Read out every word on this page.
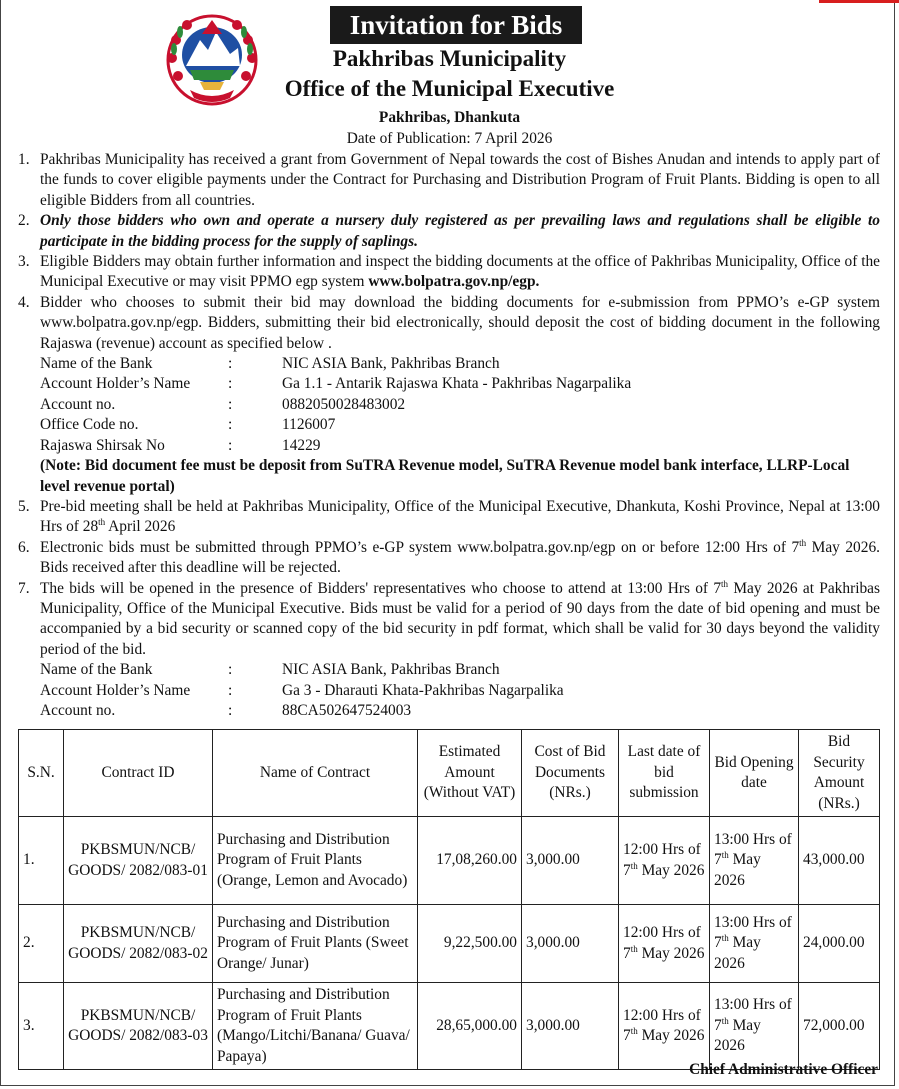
Invitation for Bids
Pakhribas Municipality
Office of the Municipal Executive
Pakhribas, Dhankuta
Date of Publication: 7 April 2026
1. Pakhribas Municipality has received a grant from Government of Nepal towards the cost of Bishes Anudan and intends to apply part of the funds to cover eligible payments under the Contract for Purchasing and Distribution Program of Fruit Plants. Bidding is open to all eligible Bidders from all countries.
2. Only those bidders who own and operate a nursery duly registered as per prevailing laws and regulations shall be eligible to participate in the bidding process for the supply of saplings.
3. Eligible Bidders may obtain further information and inspect the bidding documents at the office of Pakhribas Municipality, Office of the Municipal Executive or may visit PPMO egp system www.bolpatra.gov.np/egp.
4. Bidder who chooses to submit their bid may download the bidding documents for e-submission from PPMO’s e-GP system www.bolpatra.gov.np/egp. Bidders, submitting their bid electronically, should deposit the cost of bidding document in the following Rajaswa (revenue) account as specified below .
Name of the Bank	:	NIC ASIA Bank, Pakhribas Branch
Account Holder’s Name	:	Ga 1.1 - Antarik Rajaswa Khata - Pakhribas Nagarpalika
Account no.	:	0882050028483002
Office Code no.	:	1126007
Rajaswa Shirsak No	:	14229
(Note: Bid document fee must be deposit from SuTRA Revenue model, SuTRA Revenue model bank interface, LLRP-Local level revenue portal)
5. Pre-bid meeting shall be held at Pakhribas Municipality, Office of the Municipal Executive, Dhankuta, Koshi Province, Nepal at 13:00 Hrs of 28th April 2026
6. Electronic bids must be submitted through PPMO’s e-GP system www.bolpatra.gov.np/egp on or before 12:00 Hrs of 7th May 2026. Bids received after this deadline will be rejected.
7. The bids will be opened in the presence of Bidders' representatives who choose to attend at 13:00 Hrs of 7th May 2026 at Pakhribas Municipality, Office of the Municipal Executive. Bids must be valid for a period of 90 days from the date of bid opening and must be accompanied by a bid security or scanned copy of the bid security in pdf format, which shall be valid for 30 days beyond the validity period of the bid.
Name of the Bank	:	NIC ASIA Bank, Pakhribas Branch
Account Holder’s Name	:	Ga 3 - Dharauti Khata-Pakhribas Nagarpalika
Account no.	:	88CA502647524003
S.N.	Contract ID	Name of Contract	Estimated Amount (Without VAT)	Cost of Bid Documents (NRs.)	Last date of bid submission	Bid Opening date	Bid Security Amount (NRs.)
1.	PKBSMUN/NCB/ GOODS/ 2082/083-01	Purchasing and Distribution Program of Fruit Plants (Orange, Lemon and Avocado)	17,08,260.00	3,000.00	12:00 Hrs of 7th May 2026	13:00 Hrs of 7th May 2026	43,000.00
2.	PKBSMUN/NCB/ GOODS/ 2082/083-02	Purchasing and Distribution Program of Fruit Plants (Sweet Orange/ Junar)	9,22,500.00	3,000.00	12:00 Hrs of 7th May 2026	13:00 Hrs of 7th May 2026	24,000.00
3.	PKBSMUN/NCB/ GOODS/ 2082/083-03	Purchasing and Distribution Program of Fruit Plants (Mango/Litchi/Banana/ Guava/ Papaya)	28,65,000.00	3,000.00	12:00 Hrs of 7th May 2026	13:00 Hrs of 7th May 2026	72,000.00
Chief Administrative Officer
